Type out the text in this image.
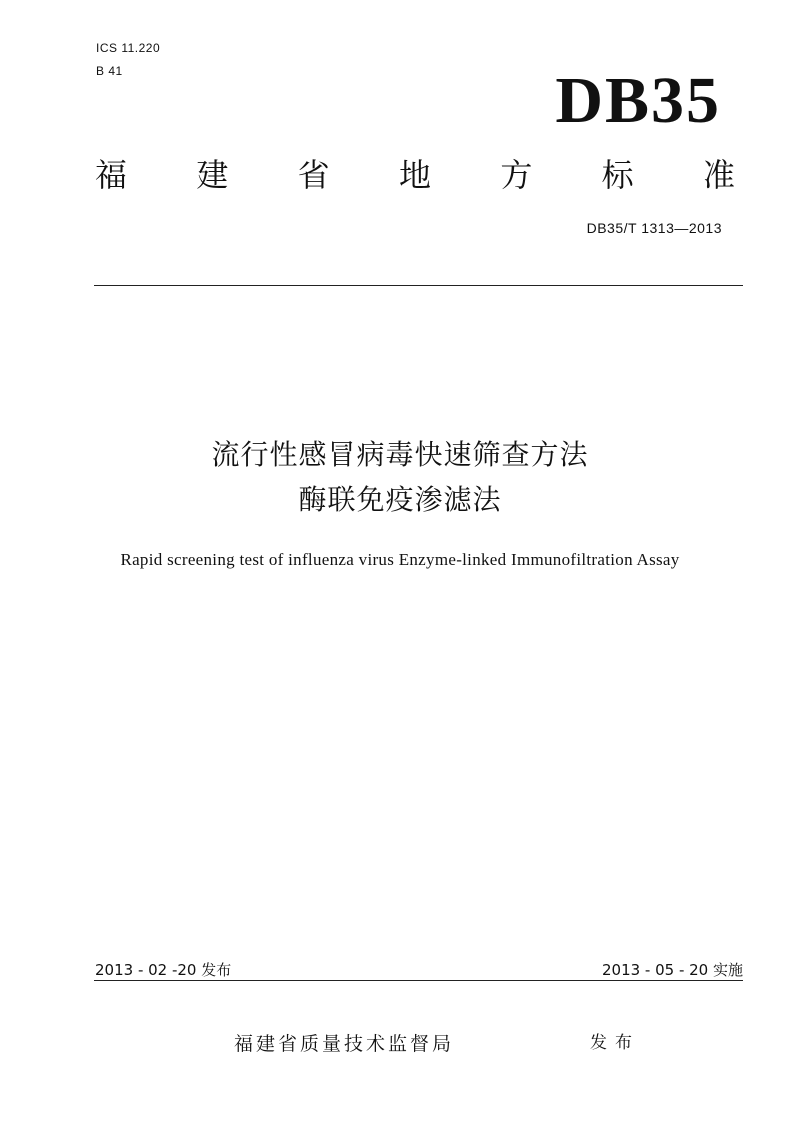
ICS 11.220
B 41	DB35
福 建 省 地 方 标 准
DB35/T 1313—2013
流行性感冒病毒快速筛查方法
酶联免疫渗滤法
Rapid screening test of influenza virus Enzyme-linked Immunofiltration Assay
2013 - 02 -20 发布	2013 - 05 - 20 实施
福建省质量技术监督局	发布
